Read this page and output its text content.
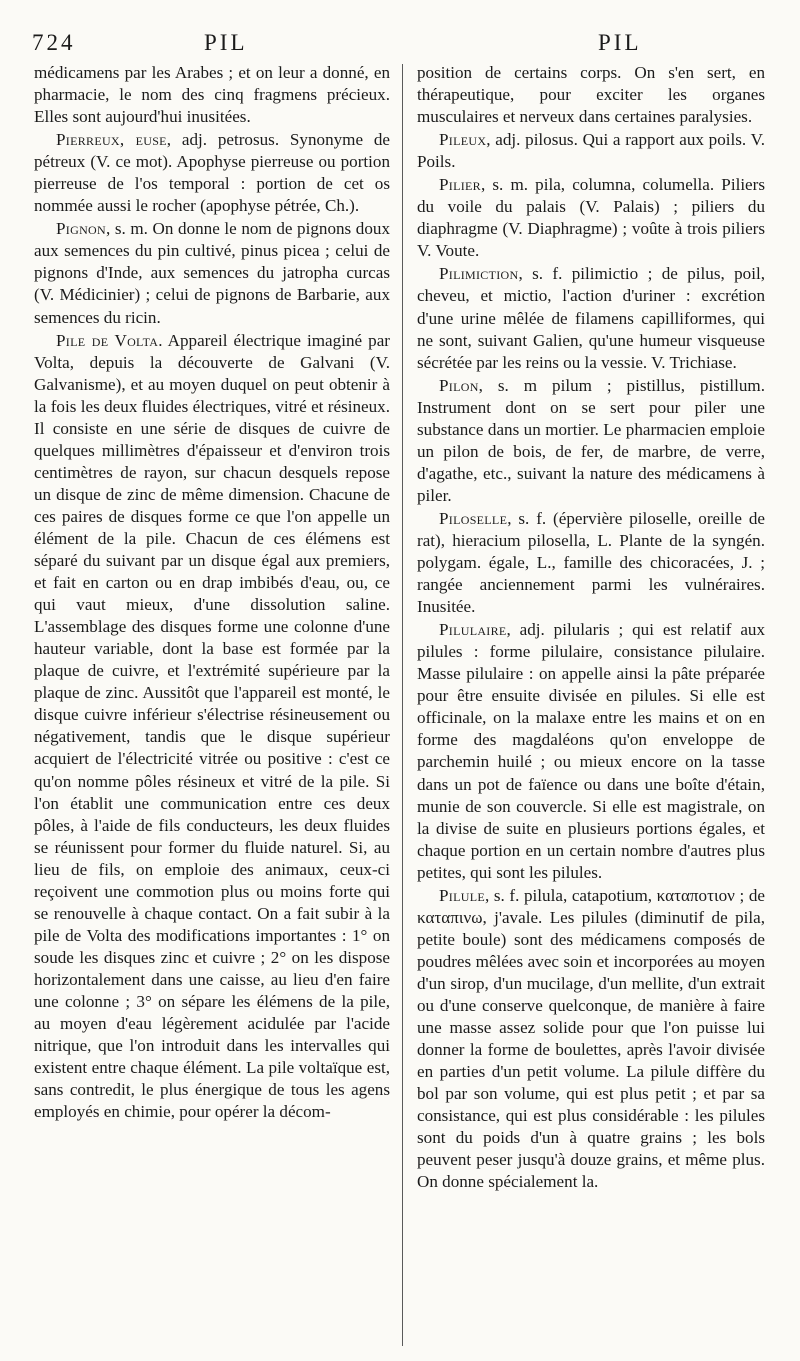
724	PIL	PIL

médicamens par les Arabes ; et on leur a donné, en pharmacie, le nom des cinq fragmens précieux. Elles sont aujourd'hui inusitées.

Pierreux, euse, adj. petrosus. Synonyme de pétreux (V. ce mot). Apophyse pierreuse ou portion pierreuse de l'os temporal : portion de cet os nommée aussi le rocher (apophyse pétrée, Ch.).

Pignon, s. m. On donne le nom de pignons doux aux semences du pin cultivé, pinus picea ; celui de pignons d'Inde, aux semences du jatropha curcas (V. Médicinier) ; celui de pignons de Barbarie, aux semences du ricin.

Pile de Volta. Appareil électrique imaginé par Volta, depuis la découverte de Galvani (V. Galvanisme), et au moyen duquel on peut obtenir à la fois les deux fluides électriques, vitré et résineux. Il consiste en une série de disques de cuivre de quelques millimètres d'épaisseur et d'environ trois centimètres de rayon, sur chacun desquels repose un disque de zinc de même dimension. Chacune de ces paires de disques forme ce que l'on appelle un élément de la pile. Chacun de ces élémens est séparé du suivant par un disque égal aux premiers, et fait en carton ou en drap imbibés d'eau, ou, ce qui vaut mieux, d'une dissolution saline. L'assemblage des disques forme une colonne d'une hauteur variable, dont la base est formée par la plaque de cuivre, et l'extrémité supérieure par la plaque de zinc. Aussitôt que l'appareil est monté, le disque cuivre inférieur s'électrise résineusement ou négativement, tandis que le disque supérieur acquiert de l'électricité vitrée ou positive : c'est ce qu'on nomme pôles résineux et vitré de la pile. Si l'on établit une communication entre ces deux pôles, à l'aide de fils conducteurs, les deux fluides se réunissent pour former du fluide naturel. Si, au lieu de fils, on emploie des animaux, ceux-ci reçoivent une commotion plus ou moins forte qui se renouvelle à chaque contact. On a fait subir à la pile de Volta des modifications importantes : 1° on soude les disques zinc et cuivre ; 2° on les dispose horizontalement dans une caisse, au lieu d'en faire une colonne ; 3° on sépare les élémens de la pile, au moyen d'eau légèrement acidulée par l'acide nitrique, que l'on introduit dans les intervalles qui existent entre chaque élément. La pile voltaïque est, sans contredit, le plus énergique de tous les agens employés en chimie, pour opérer la décom-

position de certains corps. On s'en sert, en thérapeutique, pour exciter les organes musculaires et nerveux dans certaines paralysies.

Pileux, adj. pilosus. Qui a rapport aux poils. V. Poils.

Pilier, s. m. pila, columna, columella. Piliers du voile du palais (V. Palais) ; piliers du diaphragme (V. Diaphragme) ; voûte à trois piliers V. Voute.

Pilimiction, s. f. pilimictio ; de pilus, poil, cheveu, et mictio, l'action d'uriner : excrétion d'une urine mêlée de filamens capilliformes, qui ne sont, suivant Galien, qu'une humeur visqueuse sécrétée par les reins ou la vessie. V. Trichiase.

Pilon, s. m pilum ; pistillus, pistillum. Instrument dont on se sert pour piler une substance dans un mortier. Le pharmacien emploie un pilon de bois, de fer, de marbre, de verre, d'agathe, etc., suivant la nature des médicamens à piler.

Piloselle, s. f. (épervière piloselle, oreille de rat), hieracium pilosella, L. Plante de la syngén. polygam. égale, L., famille des chicoracées, J. ; rangée anciennement parmi les vulnéraires. Inusitée.

Pilulaire, adj. pilularis ; qui est relatif aux pilules : forme pilulaire, consistance pilulaire. Masse pilulaire : on appelle ainsi la pâte préparée pour être ensuite divisée en pilules. Si elle est officinale, on la malaxe entre les mains et on en forme des magdaléons qu'on enveloppe de parchemin huilé ; ou mieux encore on la tasse dans un pot de faïence ou dans une boîte d'étain, munie de son couvercle. Si elle est magistrale, on la divise de suite en plusieurs portions égales, et chaque portion en un certain nombre d'autres plus petites, qui sont les pilules.

Pilule, s. f. pilula, catapotium, καταποτιον ; de καταπινω, j'avale. Les pilules (diminutif de pila, petite boule) sont des médicamens composés de poudres mêlées avec soin et incorporées au moyen d'un sirop, d'un mucilage, d'un mellite, d'un extrait ou d'une conserve quelconque, de manière à faire une masse assez solide pour que l'on puisse lui donner la forme de boulettes, après l'avoir divisée en parties d'un petit volume. La pilule diffère du bol par son volume, qui est plus petit ; et par sa consistance, qui est plus considérable : les pilules sont du poids d'un à quatre grains ; les bols peuvent peser jusqu'à douze grains, et même plus. On donne spécialement la.
